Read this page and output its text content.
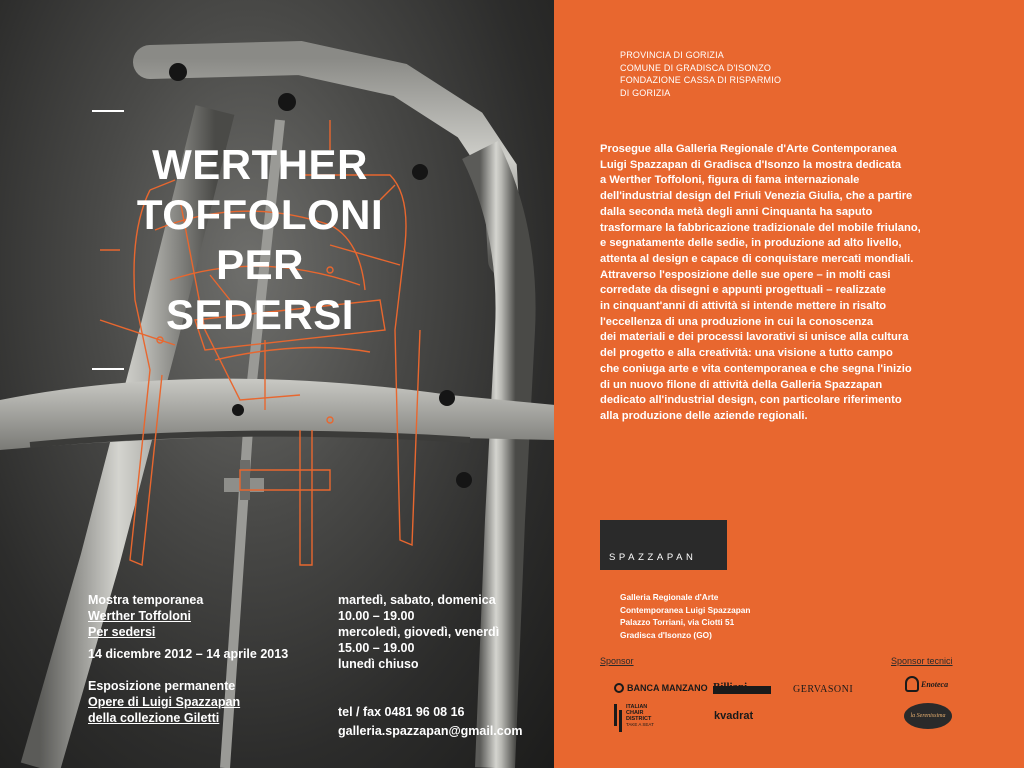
WERTHER
TOFFOLONI
PER
SEDERSI
Mostra temporanea
Werther Toffoloni
Per sedersi
14 dicembre 2012 – 14 aprile 2013
Esposizione permanente
Opere di Luigi Spazzapan
della collezione Giletti
martedì, sabato, domenica
10.00 – 19.00
mercoledì, giovedì, venerdì
15.00 – 19.00
lunedì chiuso
tel / fax 0481 96 08 16
galleria.spazzapan@gmail.com
PROVINCIA DI GORIZIA
COMUNE DI GRADISCA D'ISONZO
FONDAZIONE CASSA DI RISPARMIO
DI GORIZIA
Prosegue alla Galleria Regionale d'Arte Contemporanea
Luigi Spazzapan di Gradisca d'Isonzo la mostra dedicata
a Werther Toffoloni, figura di fama internazionale
dell'industrial design del Friuli Venezia Giulia, che a partire
dalla seconda metà degli anni Cinquanta ha saputo
trasformare la fabbricazione tradizionale del mobile friulano,
e segnatamente delle sedie, in produzione ad alto livello,
attenta al design e capace di conquistare mercati mondiali.
Attraverso l'esposizione delle sue opere – in molti casi
corredate da disegni e appunti progettuali – realizzate
in cinquant'anni di attività si intende mettere in risalto
l'eccellenza di una produzione in cui la conoscenza
dei materiali e dei processi lavorativi si unisce alla cultura
del progetto e alla creatività: una visione a tutto campo
che coniuga arte e vita contemporanea e che segna l'inizio
di un nuovo filone di attività della Galleria Spazzapan
dedicato all'industrial design, con particolare riferimento
alla produzione delle aziende regionali.
SPAZZAPAN
Galleria Regionale d'Arte
Contemporanea Luigi Spazzapan
Palazzo Torriani, via Ciotti 51
Gradisca d'Isonzo (GO)
Sponsor	Sponsor tecnici
BANCA MANZANO Billiani	GERVASONI
ITALIAN
CHAIR
DISTRICT
TAKE A SEAT
kvadrat
Enoteca
la Serenissima
